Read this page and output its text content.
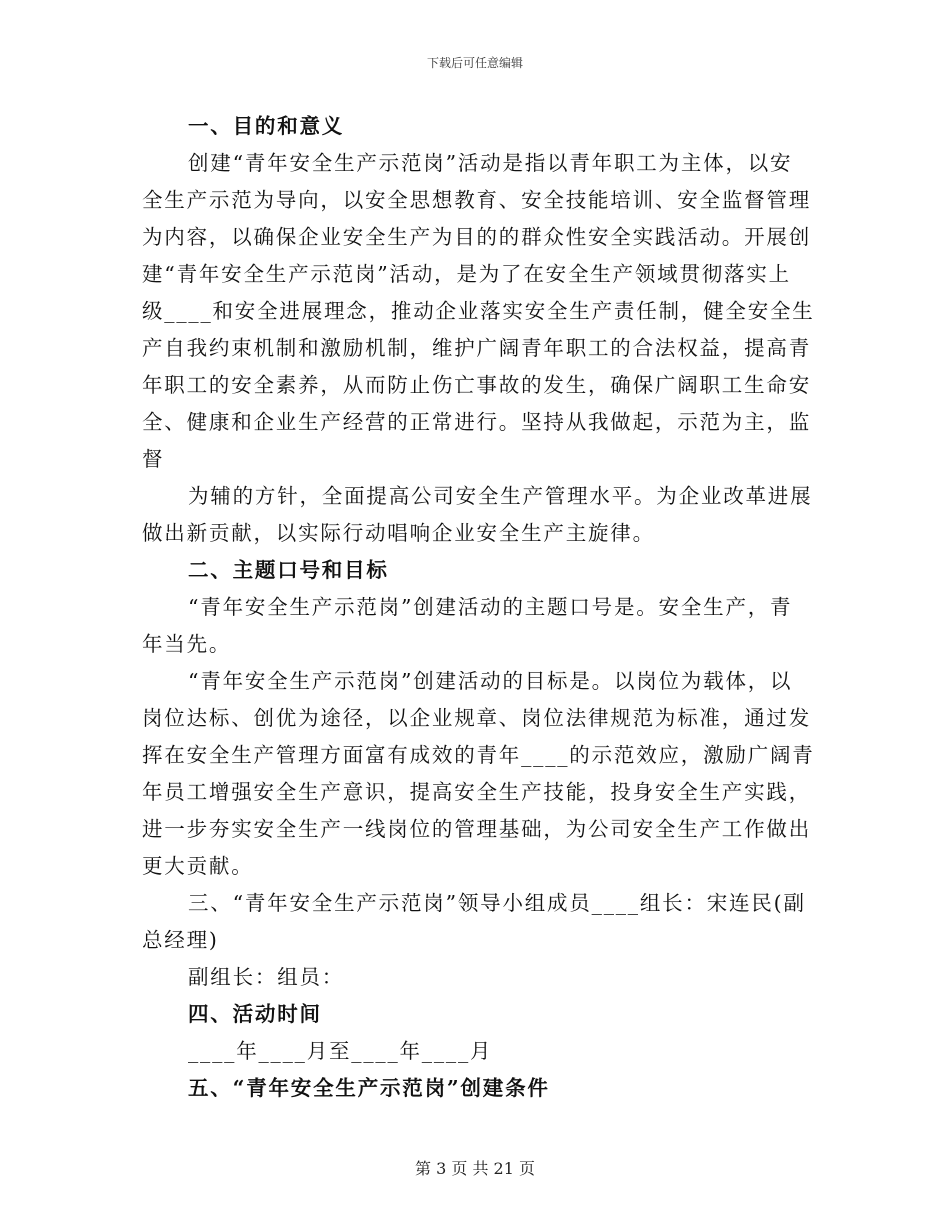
下载后可任意编辑
一、目的和意义
创建“青年安全生产示范岗”活动是指以青年职工为主体，以安
全生产示范为导向，以安全思想教育、安全技能培训、安全监督管理
为内容，以确保企业安全生产为目的的群众性安全实践活动。开展创
建“青年安全生产示范岗”活动，是为了在安全生产领域贯彻落实上
级____和安全进展理念，推动企业落实安全生产责任制，健全安全生
产自我约束机制和激励机制，维护广阔青年职工的合法权益，提高青
年职工的安全素养，从而防止伤亡事故的发生，确保广阔职工生命安
全、健康和企业生产经营的正常进行。坚持从我做起，示范为主，监
督
为辅的方针，全面提高公司安全生产管理水平。为企业改革进展
做出新贡献，以实际行动唱响企业安全生产主旋律。
二、主题口号和目标
“青年安全生产示范岗”创建活动的主题口号是。安全生产，青
年当先。
“青年安全生产示范岗”创建活动的目标是。以岗位为载体，以
岗位达标、创优为途径，以企业规章、岗位法律规范为标准，通过发
挥在安全生产管理方面富有成效的青年____的示范效应，激励广阔青
年员工增强安全生产意识，提高安全生产技能，投身安全生产实践，
进一步夯实安全生产一线岗位的管理基础，为公司安全生产工作做出
更大贡献。
三、“青年安全生产示范岗”领导小组成员____组长：宋连民(副
总经理)
副组长：组员：
四、活动时间
____年____月至____年____月
五、“青年安全生产示范岗”创建条件
第 3 页 共 21 页
